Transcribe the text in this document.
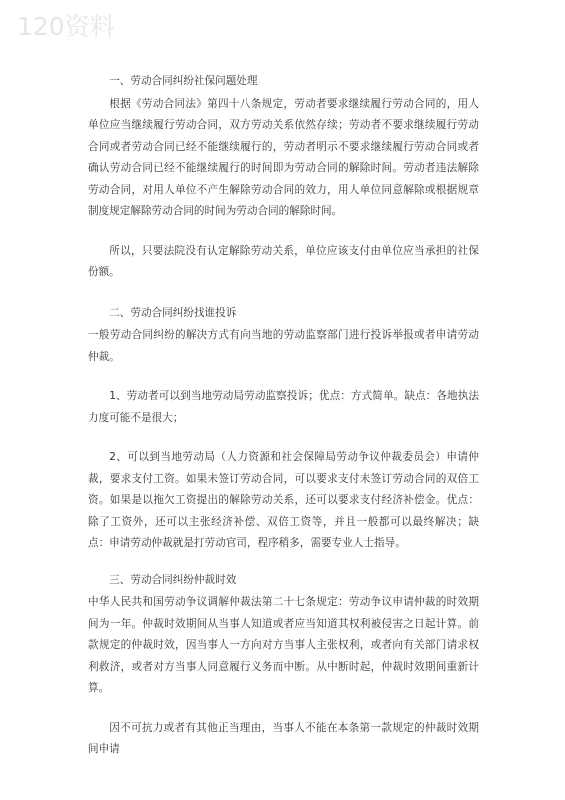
120资料

一、劳动合同纠纷社保问题处理

根据《劳动合同法》第四十八条规定，劳动者要求继续履行劳动合同的，用人单位应当继续履行劳动合同，双方劳动关系依然存续；劳动者不要求继续履行劳动合同或者劳动合同已经不能继续履行的，劳动者明示不要求继续履行劳动合同或者确认劳动合同已经不能继续履行的时间即为劳动合同的解除时间。劳动者违法解除劳动合同，对用人单位不产生解除劳动合同的效力，用人单位同意解除或根据规章制度规定解除劳动合同的时间为劳动合同的解除时间。

所以，只要法院没有认定解除劳动关系，单位应该支付由单位应当承担的社保份额。

二、劳动合同纠纷找谁投诉

一般劳动合同纠纷的解决方式有向当地的劳动监察部门进行投诉举报或者申请劳动仲裁。

1、劳动者可以到当地劳动局劳动监察投诉；优点：方式简单。缺点：各地执法力度可能不是很大；

2、可以到当地劳动局（人力资源和社会保障局劳动争议仲裁委员会）申请仲裁，要求支付工资。如果未签订劳动合同，可以要求支付未签订劳动合同的双倍工资。如果是以拖欠工资提出的解除劳动关系，还可以要求支付经济补偿金。优点：除了工资外，还可以主张经济补偿、双倍工资等，并且一般都可以最终解决；缺点：申请劳动仲裁就是打劳动官司，程序稍多，需要专业人士指导。

三、劳动合同纠纷仲裁时效

中华人民共和国劳动争议调解仲裁法第二十七条规定：劳动争议申请仲裁的时效期间为一年。仲裁时效期间从当事人知道或者应当知道其权利被侵害之日起计算。前款规定的仲裁时效，因当事人一方向对方当事人主张权利，或者向有关部门请求权利救济，或者对方当事人同意履行义务而中断。从中断时起，仲裁时效期间重新计算。

因不可抗力或者有其他正当理由，当事人不能在本条第一款规定的仲裁时效期间申请
